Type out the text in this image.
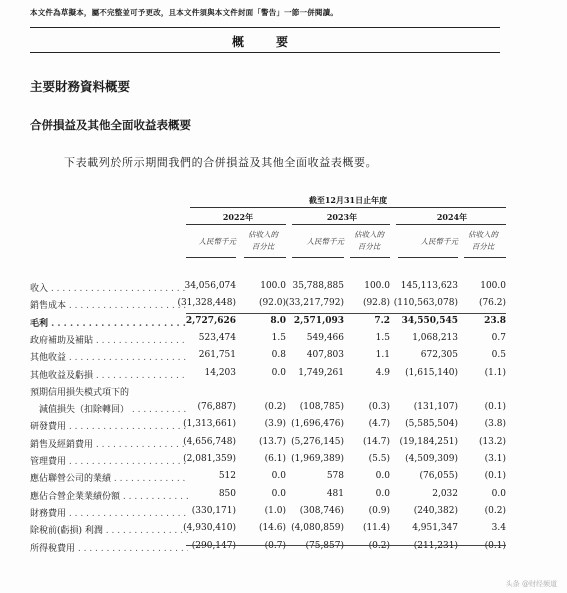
本文件為草擬本，屬不完整並可予更改，且本文件須與本文件封面「警告」一節一併閱讀。
概　要
主要財務資料概要
合併損益及其他全面收益表概要
下表載列於所示期間我們的合併損益及其他全面收益表概要。
截至12月31日止年度
2022年	2023年	2024年
人民幣千元
佔收入的
百分比
人民幣千元
佔收入的
百分比
人民幣千元
佔收入的
百分比
收入 . . .	34,056,074	100.0 35,788,885	100.0	145,113,623	100.0
銷售成本 . . .	(31,328,448)	(92.0) (33,217,792)	(92.8) (110,563,078)	(76.2)
毛利 . . .	2,727,626	8.0 2,571,093	7.2	34,550,545	23.8
政府補助及補貼 . . .	523,474	1.5	549,466	1.5	1,068,213	0.7
其他收益 . . .	261,751	0.8	407,803	1.1	672,305	0.5
其他收益及虧損 . . .	14,203	0.0	1,749,261	4.9	(1,615,140)	(1.1)
預期信用損失模式項下的
　減值損失（扣除轉回） . . .	(76,887)	(0.2)	(108,785)	(0.3)	(131,107)	(0.1)
研發費用 . . .	(1,313,661)	(3.9) (1,696,476)	(4.7)	(5,585,504)	(3.8)
銷售及經銷費用 . . .	(4,656,748)	(13.7) (5,276,145)	(14.7)	(19,184,251)	(13.2)
管理費用 . . .	(2,081,359)	(6.1) (1,969,389)	(5.5)	(4,509,309)	(3.1)
應佔聯營公司的業績 . . .	512	0.0	578	0.0	(76,055)	(0.1)
應佔合營企業業績份額 . . .	850	0.0	481	0.0	2,032	0.0
財務費用 . . .	(330,171)	(1.0)	(308,746)	(0.9)	(240,382)	(0.2)
除稅前(虧損) 利潤 . . .	(4,930,410)	(14.6) (4,080,859)	(11.4)	4,951,347	3.4
所得稅費用 . . .	(290,147)	(0.7)	(75,857)	(0.2)	(211,231)	(0.1)
头条 @财经频道
